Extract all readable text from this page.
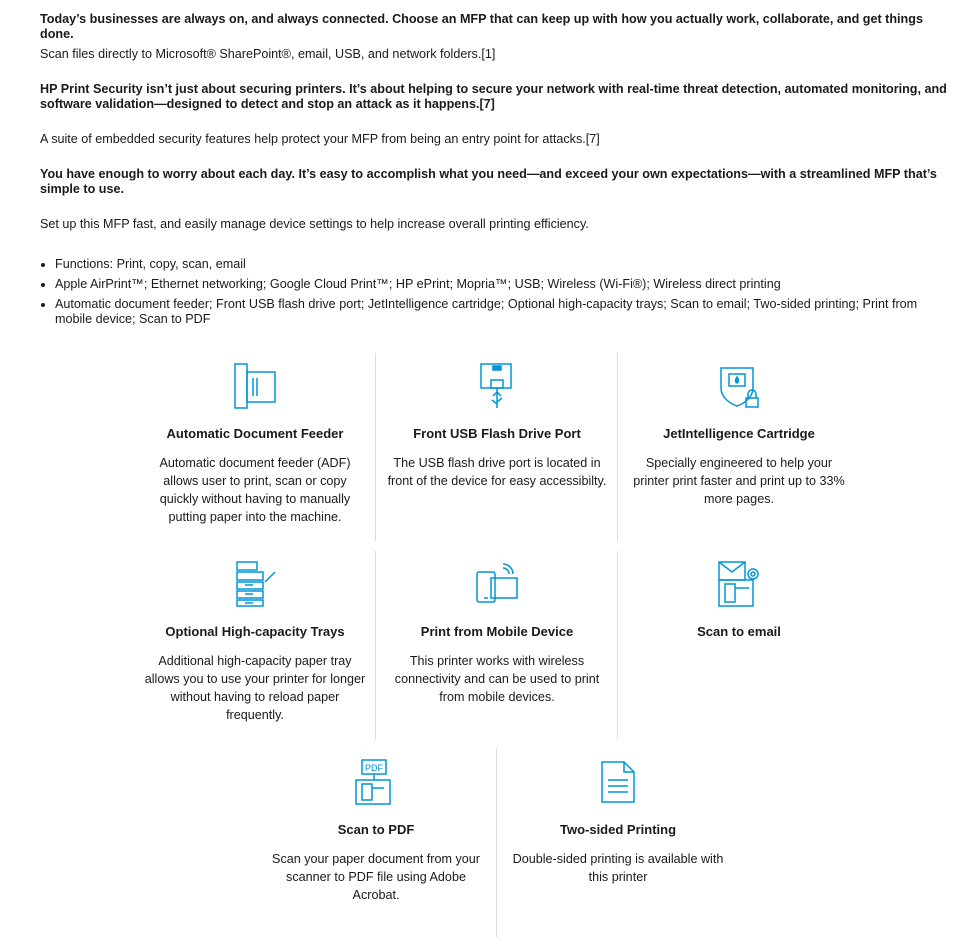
Today’s businesses are always on, and always connected. Choose an MFP that can keep up with how you actually work, collaborate, and get things done.

Scan files directly to Microsoft® SharePoint®, email, USB, and network folders.[1]

HP Print Security isn’t just about securing printers. It’s about helping to secure your network with real-time threat detection, automated monitoring, and software validation—designed to detect and stop an attack as it happens.[7]

A suite of embedded security features help protect your MFP from being an entry point for attacks.[7]

You have enough to worry about each day. It’s easy to accomplish what you need—and exceed your own expectations—with a streamlined MFP that’s simple to use.

Set up this MFP fast, and easily manage device settings to help increase overall printing efficiency.

• Functions: Print, copy, scan, email
• Apple AirPrint™; Ethernet networking; Google Cloud Print™; HP ePrint; Mopria™; USB; Wireless (Wi-Fi®); Wireless direct printing
• Automatic document feeder; Front USB flash drive port; JetIntelligence cartridge; Optional high-capacity trays; Scan to email; Two-sided printing; Print from mobile device; Scan to PDF
Automatic Document Feeder
Automatic document feeder (ADF) allows user to print, scan or copy quickly without having to manually putting paper into the machine.
Front USB Flash Drive Port
The USB flash drive port is located in front of the device for easy accessibilty.
JetIntelligence Cartridge
Specially engineered to help your printer print faster and print up to 33% more pages.
Optional High-capacity Trays
Additional high-capacity paper tray allows you to use your printer for longer without having to reload paper frequently.
Print from Mobile Device
This printer works with wireless connectivity and can be used to print from mobile devices.
Scan to email
PDF
Scan to PDF
Scan your paper document from your scanner to PDF file using Adobe Acrobat.
Two-sided Printing
Double-sided printing is available with this printer
